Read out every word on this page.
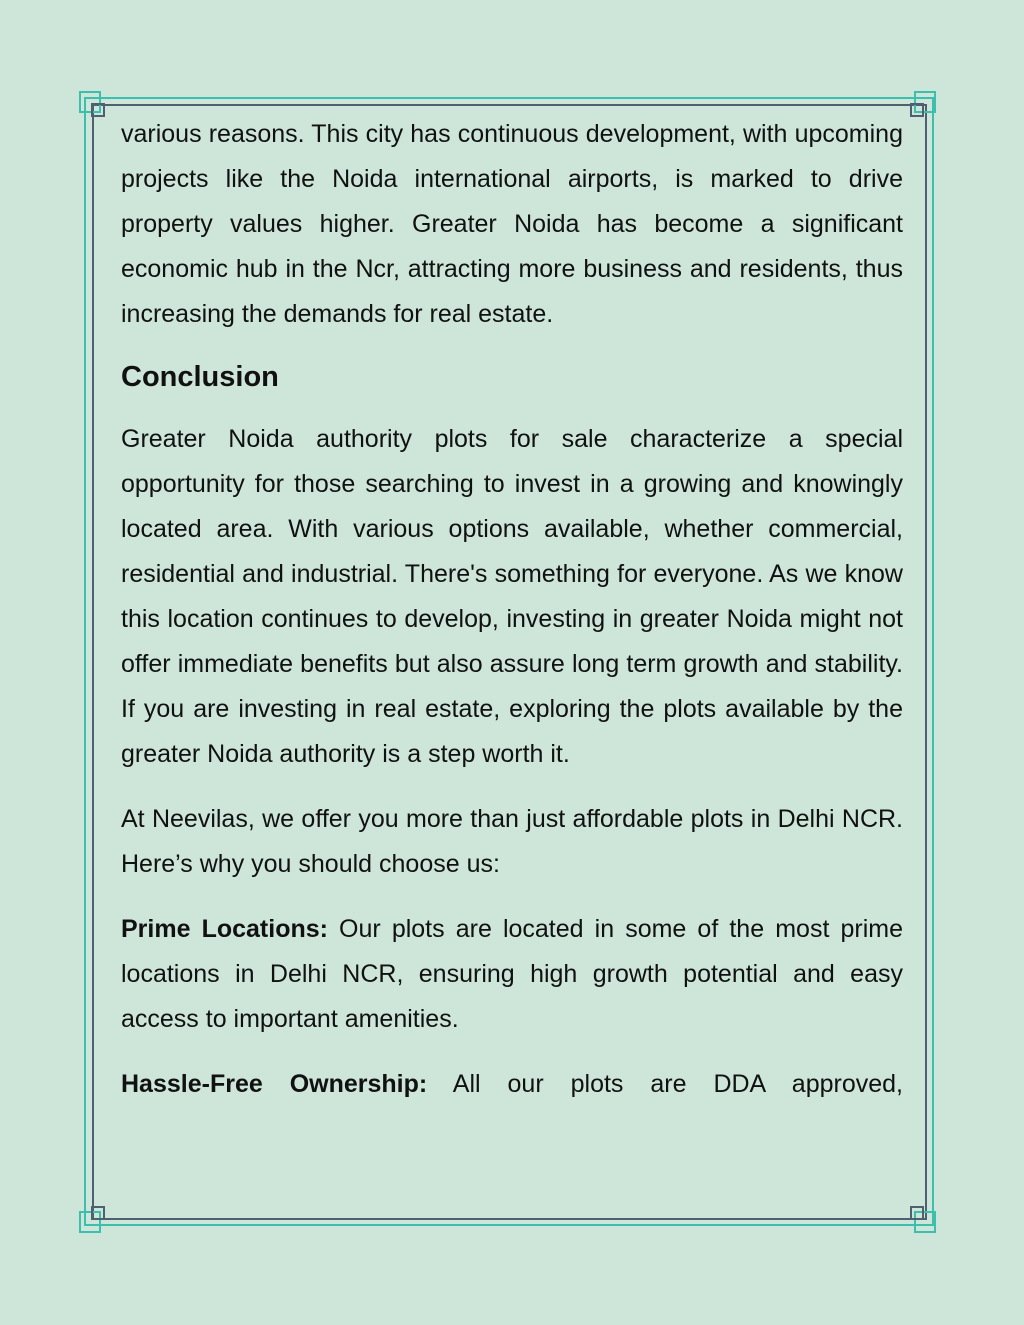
various reasons. This city has continuous development, with upcoming projects like the Noida international airports, is marked to drive property values higher. Greater Noida has become a significant economic hub in the Ncr, attracting more business and residents, thus increasing the demands for real estate.

Conclusion

Greater Noida authority plots for sale characterize a special opportunity for those searching to invest in a growing and knowingly located area. With various options available, whether commercial, residential and industrial. There's something for everyone. As we know this location continues to develop, investing in greater Noida might not offer immediate benefits but also assure long term growth and stability. If you are investing in real estate, exploring the plots available by the greater Noida authority is a step worth it.

At Neevilas, we offer you more than just affordable plots in Delhi NCR. Here’s why you should choose us:

Prime Locations: Our plots are located in some of the most prime locations in Delhi NCR, ensuring high growth potential and easy access to important amenities.

Hassle-Free Ownership: All our plots are DDA approved,
